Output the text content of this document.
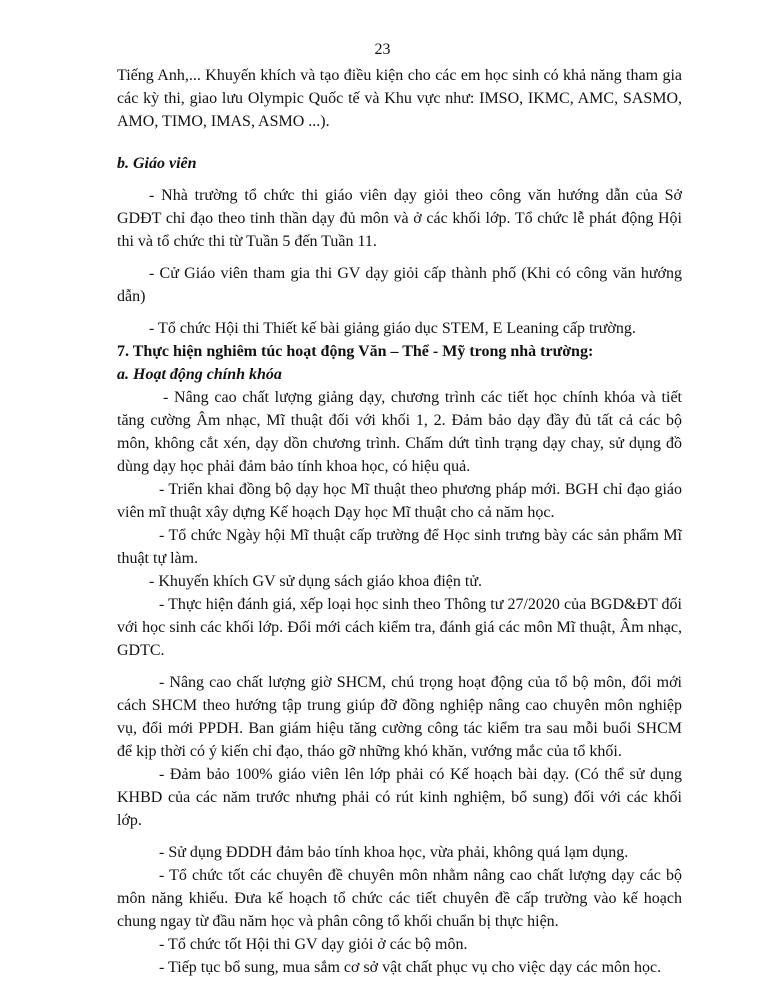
23

Tiếng Anh,... Khuyến khích và tạo điều kiện cho các em học sinh có khả năng tham gia các kỳ thi, giao lưu Olympic Quốc tế và Khu vực như: IMSO, IKMC, AMC, SASMO, AMO, TIMO, IMAS, ASMO ...).

b. Giáo viên

- Nhà trường tổ chức thi giáo viên dạy giỏi theo công văn hướng dẫn của Sở GDĐT chỉ đạo theo tinh thần dạy đủ môn và ở các khối lớp. Tổ chức lễ phát động Hội thi và tổ chức thi từ Tuần 5 đến Tuần 11.

- Cử Giáo viên tham gia thi GV dạy giỏi cấp thành phố (Khi có công văn hướng dẫn)

- Tổ chức Hội thi Thiết kế bài giảng giáo dục STEM, E Leaning cấp trường.

7. Thực hiện nghiêm túc hoạt động Văn – Thể - Mỹ trong nhà trường:

a. Hoạt động chính khóa

- Nâng cao chất lượng giảng dạy, chương trình các tiết học chính khóa và tiết tăng cường Âm nhạc, Mĩ thuật đối với khối 1, 2. Đảm bảo dạy đầy đủ tất cả các bộ môn, không cắt xén, dạy dồn chương trình. Chấm dứt tình trạng dạy chay, sử dụng đồ dùng dạy học phải đảm bảo tính khoa học, có hiệu quả.

- Triển khai đồng bộ dạy học Mĩ thuật theo phương pháp mới. BGH chỉ đạo giáo viên mĩ thuật xây dựng Kế hoạch Dạy học Mĩ thuật cho cả năm học.

- Tổ chức Ngày hội Mĩ thuật cấp trường để Học sinh trưng bày các sản phẩm Mĩ thuật tự làm.

- Khuyến khích GV sử dụng sách giáo khoa điện tử.

- Thực hiện đánh giá, xếp loại học sinh theo Thông tư 27/2020 của BGD&ĐT đối với học sinh các khối lớp. Đổi mới cách kiểm tra, đánh giá các môn Mĩ thuật, Âm nhạc, GDTC.

- Nâng cao chất lượng giờ SHCM, chú trọng hoạt động của tổ bộ môn, đổi mới cách SHCM theo hướng tập trung giúp đỡ đồng nghiệp nâng cao chuyên môn nghiệp vụ, đổi mới PPDH. Ban giám hiệu tăng cường công tác kiểm tra sau mỗi buổi SHCM để kịp thời có ý kiến chỉ đạo, tháo gỡ những khó khăn, vướng mắc của tổ khối.

- Đảm bảo 100% giáo viên lên lớp phải có Kế hoạch bài dạy. (Có thể sử dụng KHBD của các năm trước nhưng phải có rút kinh nghiệm, bổ sung) đối với các khối lớp.

- Sử dụng ĐDDH đảm bảo tính khoa học, vừa phải, không quá lạm dụng.

- Tổ chức tốt các chuyên đề chuyên môn nhằm nâng cao chất lượng dạy các bộ môn năng khiếu. Đưa kế hoạch tổ chức các tiết chuyên đề cấp trường vào kế hoạch chung ngay từ đầu năm học và phân công tổ khối chuẩn bị thực hiện.

- Tổ chức tốt Hội thi GV dạy giỏi ở các bộ môn.

- Tiếp tục bổ sung, mua sắm cơ sở vật chất phục vụ cho việc dạy các môn học.
